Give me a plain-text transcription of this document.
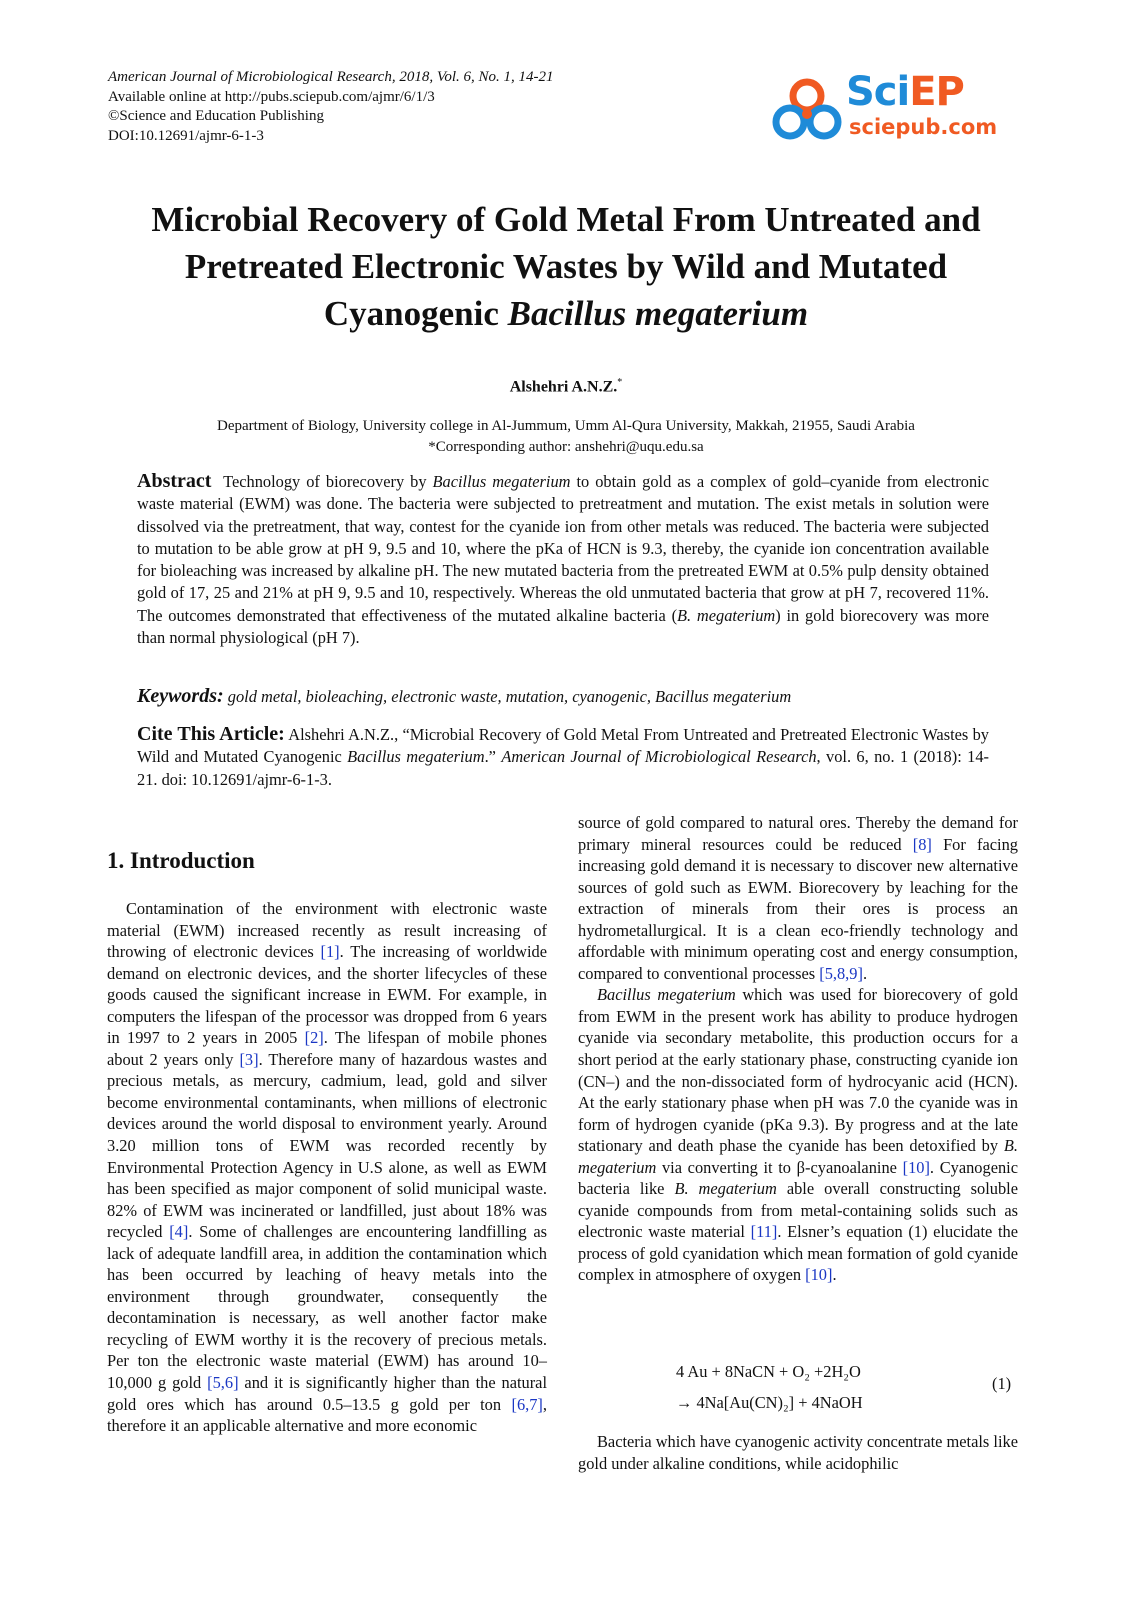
American Journal of Microbiological Research, 2018, Vol. 6, No. 1, 14-21
Available online at http://pubs.sciepub.com/ajmr/6/1/3
©Science and Education Publishing
DOI:10.12691/ajmr-6-1-3
SciEP
sciepub.com
Microbial Recovery of Gold Metal From Untreated and
Pretreated Electronic Wastes by Wild and Mutated
Cyanogenic Bacillus megaterium
Alshehri A.N.Z.*
Department of Biology, University college in Al-Jummum, Umm Al-Qura University, Makkah, 21955, Saudi Arabia
*Corresponding author: anshehri@uqu.edu.sa
Abstract Technology of biorecovery by Bacillus megaterium to obtain gold as a complex of gold–cyanide from electronic waste material (EWM) was done. The bacteria were subjected to pretreatment and mutation. The exist metals in solution were dissolved via the pretreatment, that way, contest for the cyanide ion from other metals was reduced. The bacteria were subjected to mutation to be able grow at pH 9, 9.5 and 10, where the pKa of HCN is 9.3, thereby, the cyanide ion concentration available for bioleaching was increased by alkaline pH. The new mutated bacteria from the pretreated EWM at 0.5% pulp density obtained gold of 17, 25 and 21% at pH 9, 9.5 and 10, respectively. Whereas the old unmutated bacteria that grow at pH 7, recovered 11%. The outcomes demonstrated that effectiveness of the mutated alkaline bacteria (B. megaterium) in gold biorecovery was more than normal physiological (pH 7).
Keywords: gold metal, bioleaching, electronic waste, mutation, cyanogenic, Bacillus megaterium
Cite This Article: Alshehri A.N.Z., “Microbial Recovery of Gold Metal From Untreated and Pretreated Electronic Wastes by Wild and Mutated Cyanogenic Bacillus megaterium.” American Journal of Microbiological Research, vol. 6, no. 1 (2018): 14-21. doi: 10.12691/ajmr-6-1-3.
1. Introduction

Contamination of the environment with electronic waste material (EWM) increased recently as result increasing of throwing of electronic devices [1]. The increasing of worldwide demand on electronic devices, and the shorter lifecycles of these goods caused the significant increase in EWM. For example, in computers the lifespan of the processor was dropped from 6 years in 1997 to 2 years in 2005 [2]. The lifespan of mobile phones about 2 years only [3]. Therefore many of hazardous wastes and precious metals, as mercury, cadmium, lead, gold and silver become environmental contaminants, when millions of electronic devices around the world disposal to environment yearly. Around 3.20 million tons of EWM was recorded recently by Environmental Protection Agency in U.S alone, as well as EWM has been specified as major component of solid municipal waste. 82% of EWM was incinerated or landfilled, just about 18% was recycled [4]. Some of challenges are encountering landfilling as lack of adequate landfill area, in addition the contamination which has been occurred by leaching of heavy metals into the environment through groundwater, consequently the decontamination is necessary, as well another factor make recycling of EWM worthy it is the recovery of precious metals. Per ton the electronic waste material (EWM) has around 10–10,000 g gold [5,6] and it is significantly higher than the natural gold ores which has around 0.5–13.5 g gold per ton [6,7], therefore it an applicable alternative and more economic

source of gold compared to natural ores. Thereby the demand for primary mineral resources could be reduced [8] For facing increasing gold demand it is necessary to discover new alternative sources of gold such as EWM. Biorecovery by leaching for the extraction of minerals from their ores is process an hydrometallurgical. It is a clean eco-friendly technology and affordable with minimum operating cost and energy consumption, compared to conventional processes [5,8,9].

Bacillus megaterium which was used for biorecovery of gold from EWM in the present work has ability to produce hydrogen cyanide via secondary metabolite, this production occurs for a short period at the early stationary phase, constructing cyanide ion (CN–) and the non-dissociated form of hydrocyanic acid (HCN). At the early stationary phase when pH was 7.0 the cyanide was in form of hydrogen cyanide (pKa 9.3). By progress and at the late stationary and death phase the cyanide has been detoxified by B. megaterium via converting it to β-cyanoalanine [10]. Cyanogenic bacteria like B. megaterium able overall constructing soluble cyanide compounds from from metal-containing solids such as electronic waste material [11]. Elsner’s equation (1) elucidate the process of gold cyanidation which mean formation of gold cyanide complex in atmosphere of oxygen [10].

4 Au + 8NaCN + O₂ +2H₂O
→ 4Na[Au(CN)₂] + 4NaOH
(1)

Bacteria which have cyanogenic activity concentrate metals like gold under alkaline conditions, while acidophilic
